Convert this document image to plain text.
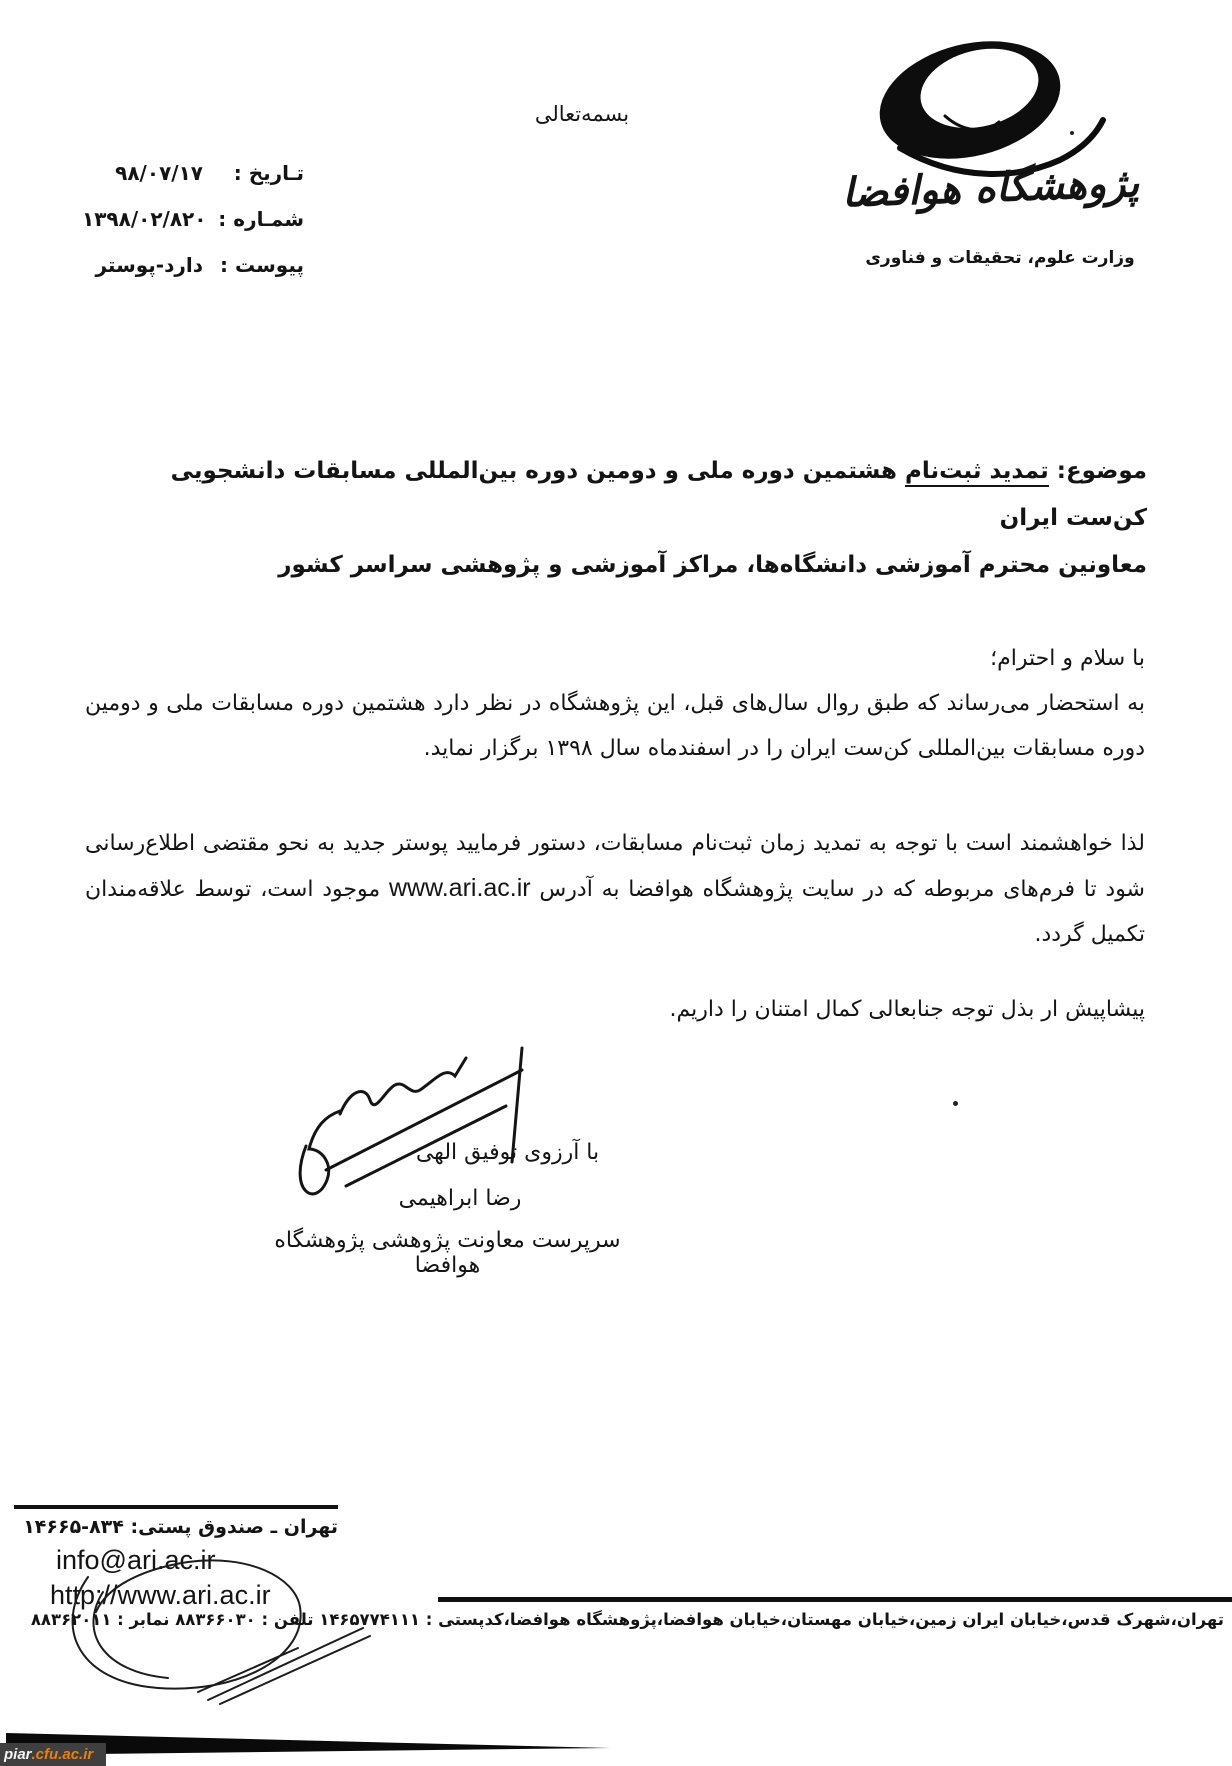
بسمه‌تعالی
تـاریخ :
۹۸/۰۷/۱۷
شمـاره :
۱۳۹۸/۰۲/۸۲۰
پیوست :
دارد-پوستر
پژوهشگاه هوافضا
وزارت علوم، تحقیقات و فناوری
موضوع: تمدید ثبت‌نام هشتمین دوره ملی و دومین دوره بین‌المللی مسابقات دانشجویی کن‌ست ایران
معاونین محترم آموزشی دانشگاه‌ها، مراکز آموزشی و پژوهشی سراسر کشور
با سلام و احترام؛
به استحضار می‌رساند که طبق روال سال‌های قبل، این پژوهشگاه در نظر دارد هشتمین دوره مسابقات ملی و دومین
دوره مسابقات بین‌المللی کن‌ست ایران را در اسفندماه سال ۱۳۹۸ برگزار نماید.
لذا خواهشمند است با توجه به تمدید زمان ثبت‌نام مسابقات، دستور فرمایید پوستر جدید به نحو مقتضی اطلاع‌رسانی
شود تا فرم‌های مربوطه که در سایت پژوهشگاه هوافضا به آدرس www.ari.ac.ir موجود است، توسط علاقه‌مندان
تکمیل گردد.
پیشاپیش ار بذل توجه جنابعالی کمال امتنان را داریم.
با آرزوی توفیق الهی
رضا ابراهیمی
سرپرست معاونت پژوهشی پژوهشگاه هوافضا
تهران ـ صندوق پستی: ۱۴۶۶۵-۸۳۴
info@ari.ac.ir
http://www.ari.ac.ir
تهران،شهرک قدس،خیابان ایران زمین،خیابان مهستان،خیابان هوافضا،پژوهشگاه هوافضا،کدپستی : ۱۴۶۵۷۷۴۱۱۱ تلفن : ۸۸۳۶۶۰۳۰ نمابر : ۸۸۳۶۲۰۱۱
piar .cfu.ac.ir
